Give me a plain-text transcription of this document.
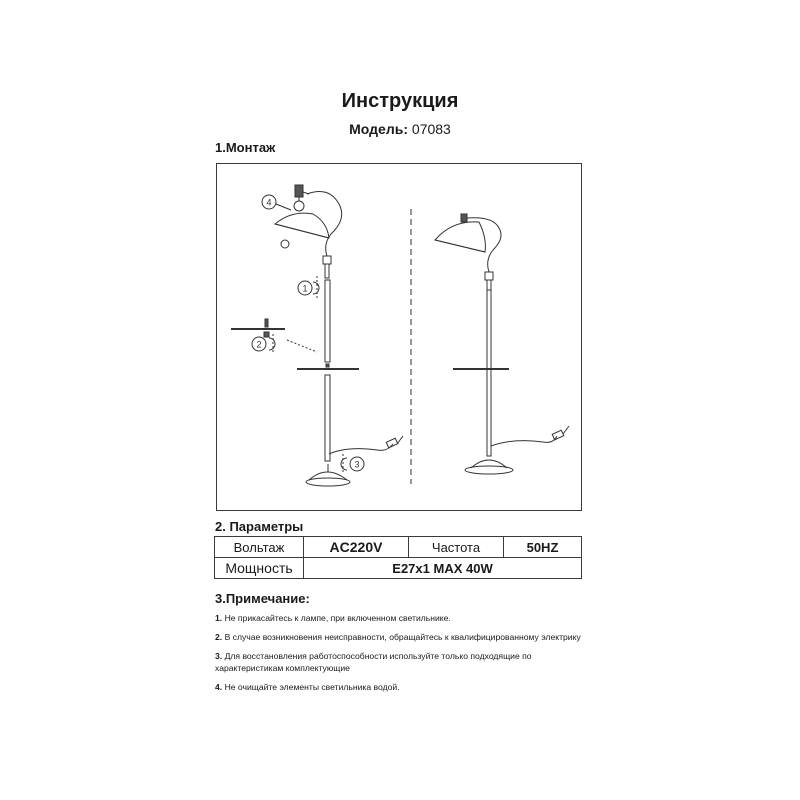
Инструкция
Модель: 07083
1.Монтаж
4
1
2
3
2. Параметры
Вольтаж	AC220V	Частота	50HZ
Мощность	E27x1 MAX 40W		
3.Примечание:
1. Не прикасайтесь к лампе, при включенном светильнике.
2. В случае возникновения неисправности, обращайтесь к квалифицированному электрику
3. Для восстановления работоспособности используйте только подходящие по характеристикам комплектующие
4. Не очищайте элементы светильника водой.
